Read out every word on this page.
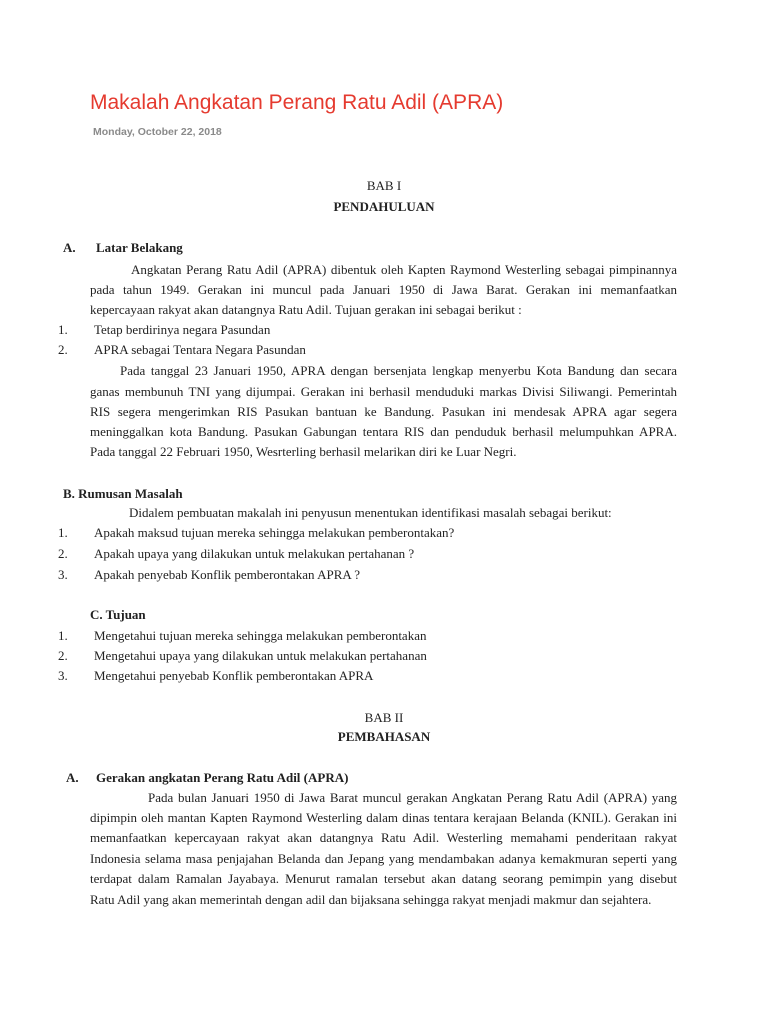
Makalah Angkatan Perang Ratu Adil (APRA)
Monday, October 22, 2018
BAB I
PENDAHULUAN
A. Latar Belakang
Angkatan Perang Ratu Adil (APRA) dibentuk oleh Kapten Raymond Westerling sebagai pimpinannya
pada tahun 1949. Gerakan ini muncul pada Januari 1950 di Jawa Barat. Gerakan ini memanfaatkan
kepercayaan rakyat akan datangnya Ratu Adil. Tujuan gerakan ini sebagai berikut :
1. Tetap berdirinya negara Pasundan
2. APRA sebagai Tentara Negara Pasundan
Pada tanggal 23 Januari 1950, APRA dengan bersenjata lengkap menyerbu Kota Bandung dan secara
ganas membunuh TNI yang dijumpai. Gerakan ini berhasil menduduki markas Divisi Siliwangi. Pemerintah
RIS segera mengerimkan RIS Pasukan bantuan ke Bandung. Pasukan ini mendesak APRA agar segera
meninggalkan kota Bandung. Pasukan Gabungan tentara RIS dan penduduk berhasil melumpuhkan APRA.
Pada tanggal 22 Februari 1950, Wesrterling berhasil melarikan diri ke Luar Negri.
B. Rumusan Masalah
Didalem pembuatan makalah ini penyusun menentukan identifikasi masalah sebagai berikut:
1. Apakah maksud tujuan mereka sehingga melakukan pemberontakan?
2. Apakah upaya yang dilakukan untuk melakukan pertahanan ?
3. Apakah penyebab Konflik pemberontakan APRA ?
C. Tujuan
1. Mengetahui tujuan mereka sehingga melakukan pemberontakan
2. Mengetahui upaya yang dilakukan untuk melakukan pertahanan
3. Mengetahui penyebab Konflik pemberontakan APRA
BAB II
PEMBAHASAN
A. Gerakan angkatan Perang Ratu Adil (APRA)
Pada bulan Januari 1950 di Jawa Barat muncul gerakan Angkatan Perang Ratu Adil (APRA) yang
dipimpin oleh mantan Kapten Raymond Westerling dalam dinas tentara kerajaan Belanda (KNIL). Gerakan ini
memanfaatkan kepercayaan rakyat akan datangnya Ratu Adil. Westerling memahami penderitaan rakyat
Indonesia selama masa penjajahan Belanda dan Jepang yang mendambakan adanya kemakmuran seperti yang
terdapat dalam Ramalan Jayabaya. Menurut ramalan tersebut akan datang seorang pemimpin yang disebut
Ratu Adil yang akan memerintah dengan adil dan bijaksana sehingga rakyat menjadi makmur dan sejahtera.
